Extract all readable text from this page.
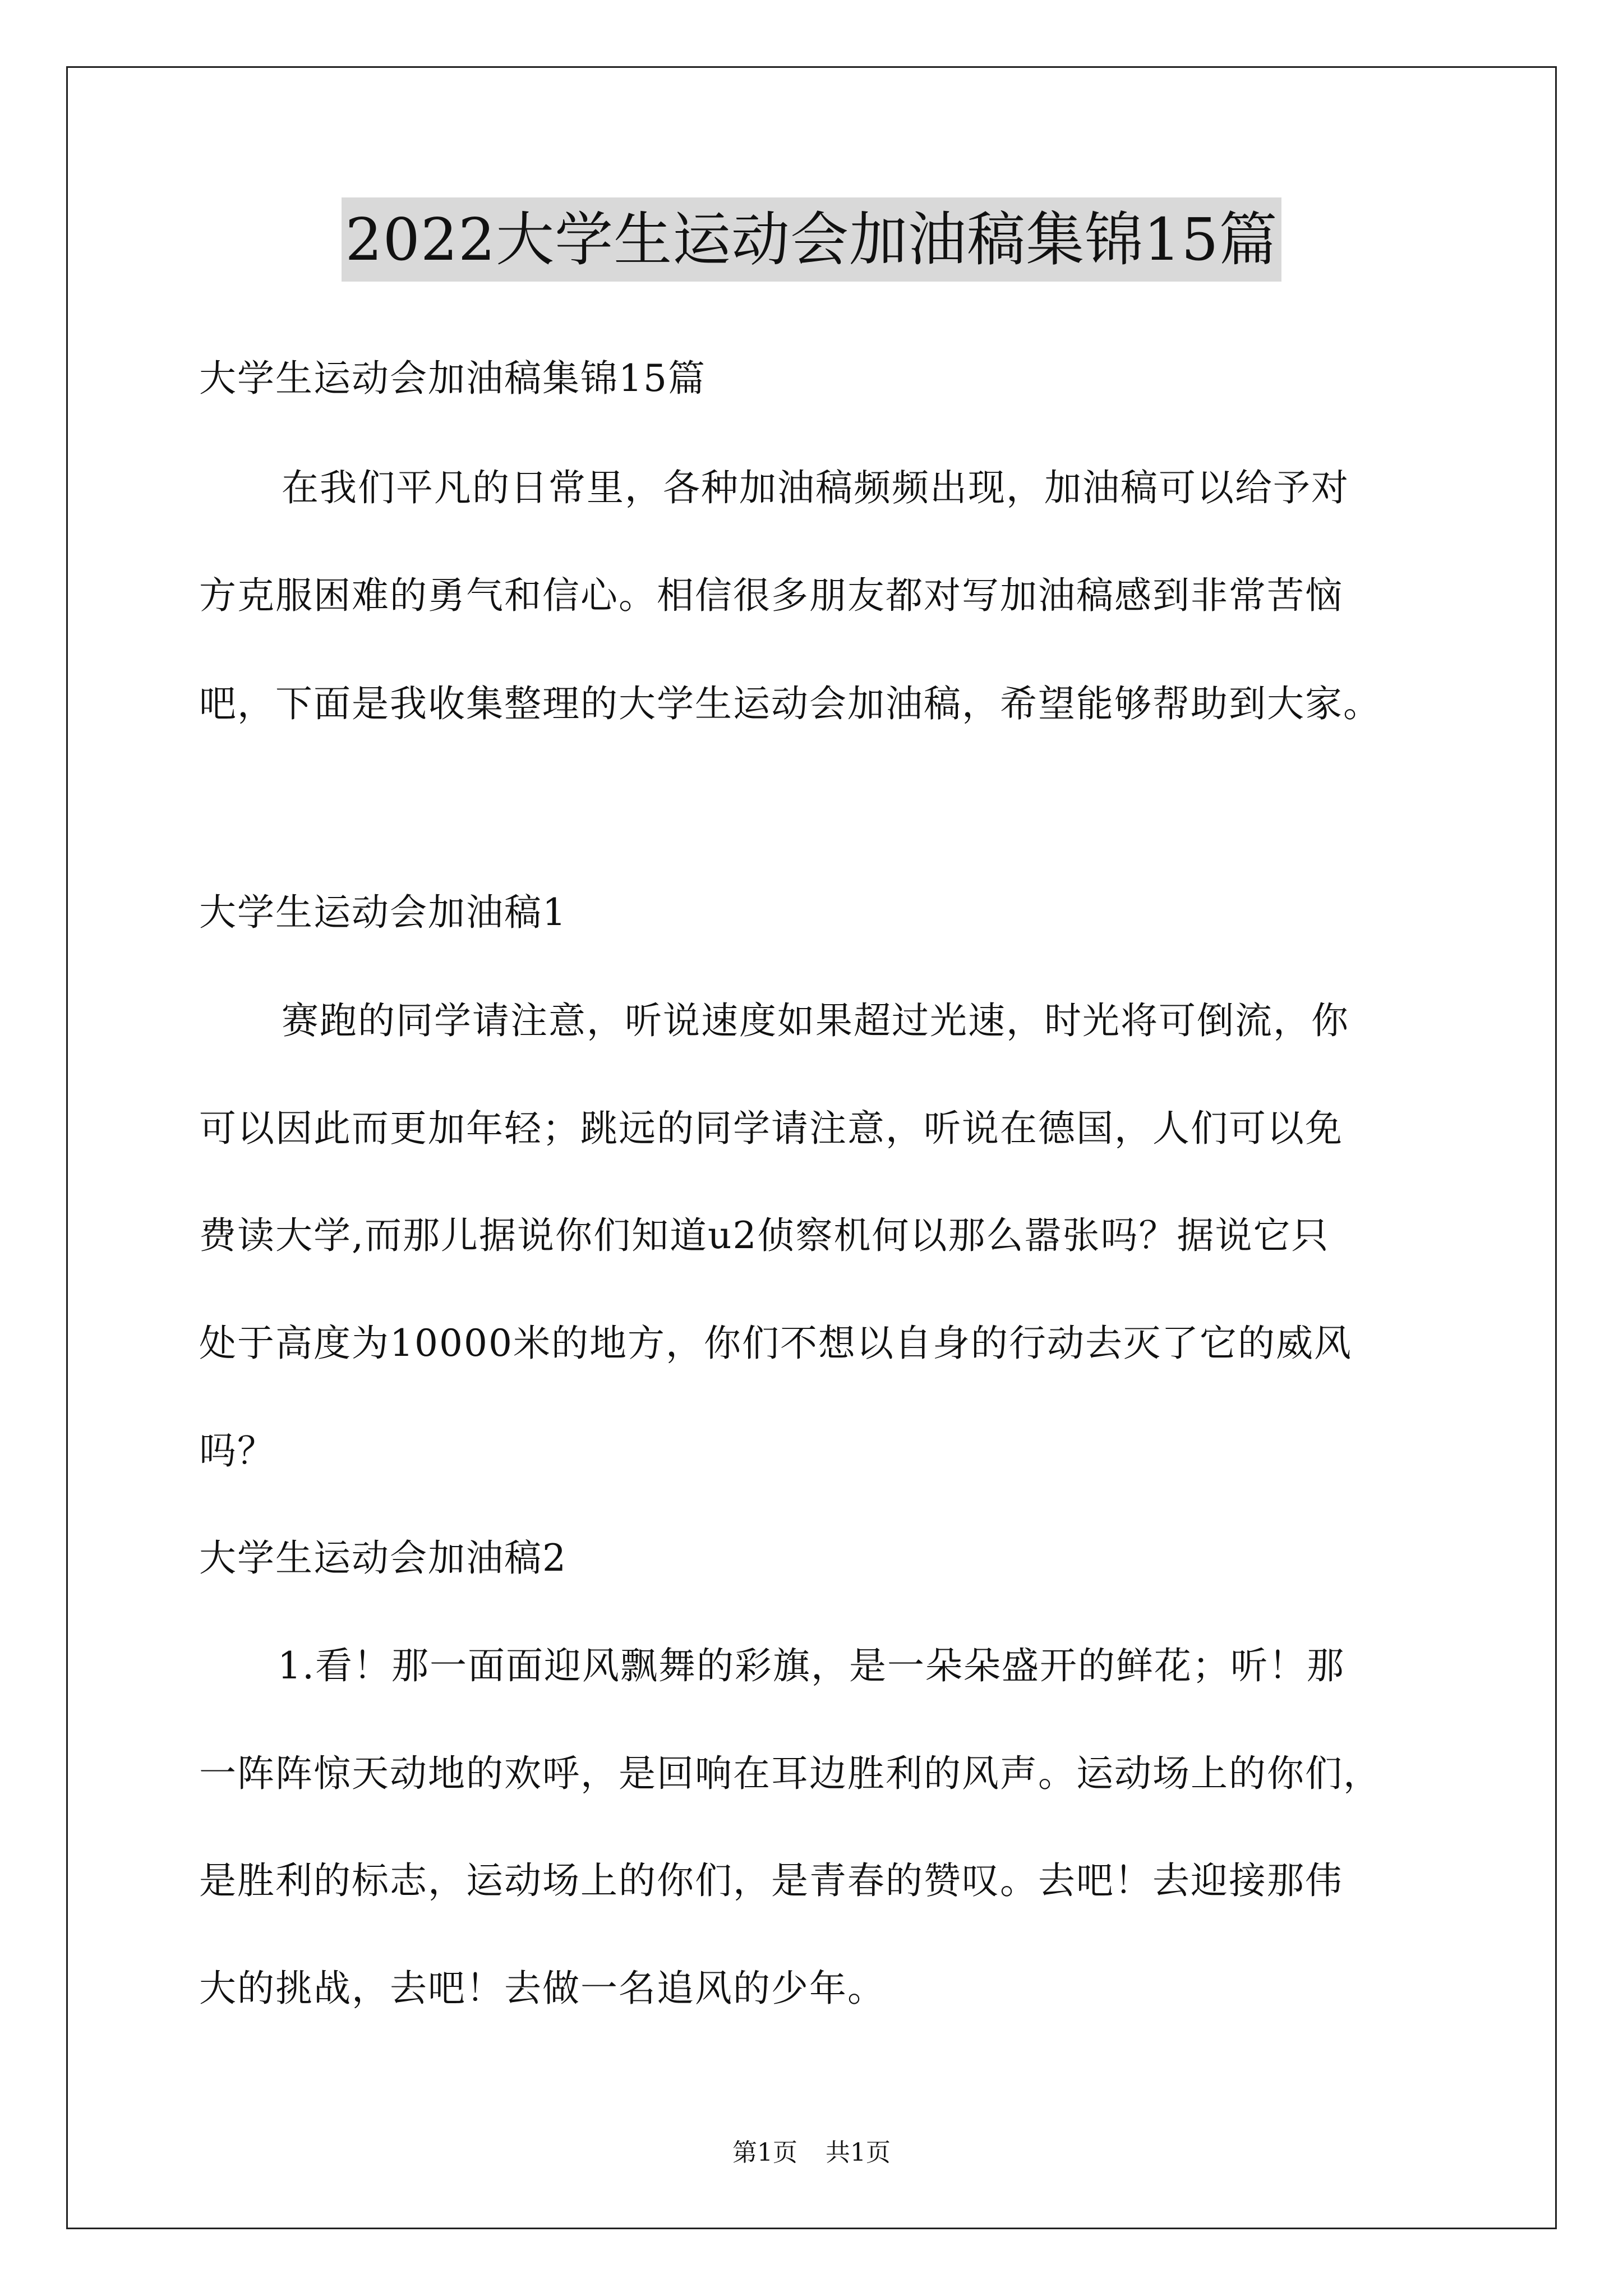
2022大学生运动会加油稿集锦15篇
大学生运动会加油稿集锦15篇
在我们平凡的日常里，各种加油稿频频出现，加油稿可以给予对
方克服困难的勇气和信心。相信很多朋友都对写加油稿感到非常苦恼
吧，下面是我收集整理的大学生运动会加油稿，希望能够帮助到大家。
大学生运动会加油稿1
赛跑的同学请注意，听说速度如果超过光速，时光将可倒流，你
可以因此而更加年轻；跳远的同学请注意，听说在德国，人们可以免
费读大学,而那儿据说你们知道u2侦察机何以那么嚣张吗？据说它只
处于高度为10000米的地方，你们不想以自身的行动去灭了它的威风
吗？
大学生运动会加油稿2
1.看！那一面面迎风飘舞的彩旗，是一朵朵盛开的鲜花；听！那
一阵阵惊天动地的欢呼，是回响在耳边胜利的风声。运动场上的你们，
是胜利的标志，运动场上的你们，是青春的赞叹。去吧！去迎接那伟
大的挑战，去吧！去做一名追风的少年。
第1页 共1页
